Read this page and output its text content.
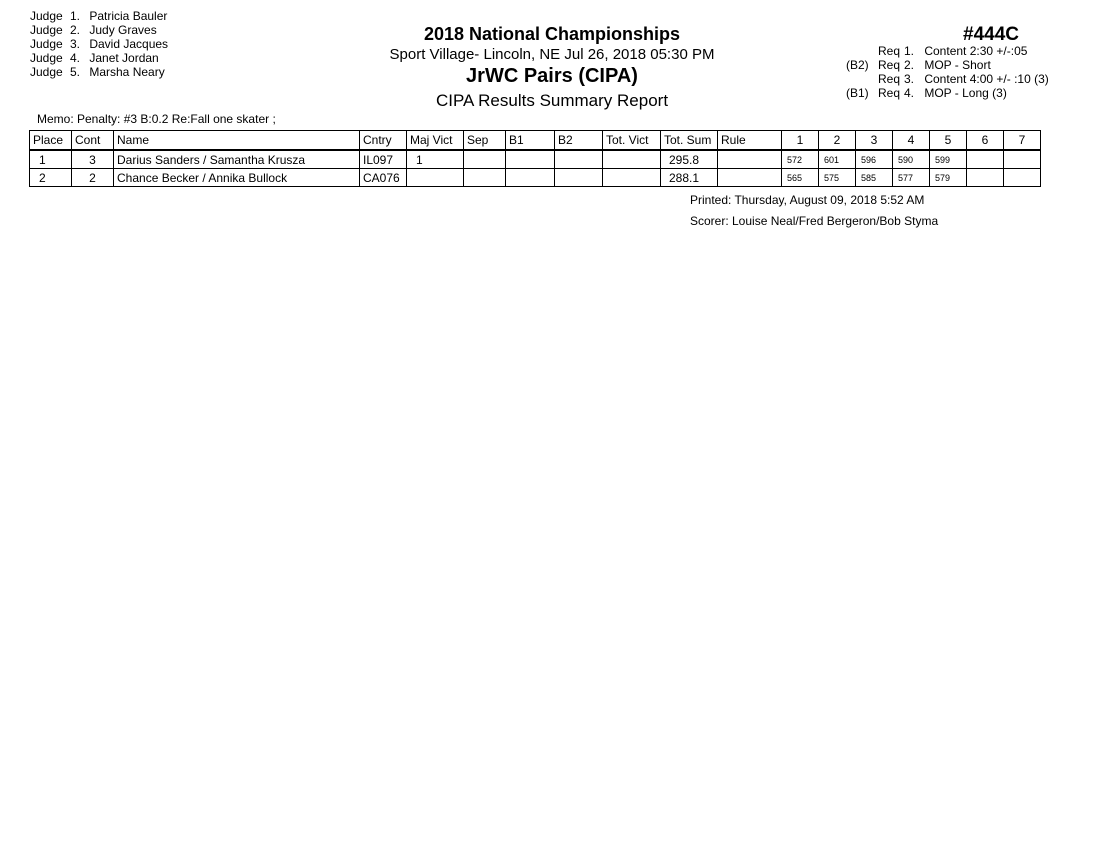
Judge 1. Patricia Bauler
Judge 2. Judy Graves
Judge 3. David Jacques
Judge 4. Janet Jordan
Judge 5. Marsha Neary
2018 National Championships
Sport Village- Lincoln, NE Jul 26, 2018 05:30 PM
JrWC Pairs (CIPA)
CIPA Results Summary Report
#444C
Req 1. Content 2:30 +/-:05
(B2) Req 2. MOP - Short
Req 3. Content 4:00 +/- :10 (3)
(B1) Req 4. MOP - Long (3)
Memo: Penalty: #3 B:0.2 Re:Fall one skater ;
Place	Cont	Name	Cntry	Maj Vict	Sep	B1	B2	Tot. Vict	Tot. Sum	Rule	1	2	3	4	5	6	7
1	3	Darius Sanders / Samantha Krusza	IL097	1					295.8		572	601	596	590	599		
2	2	Chance Becker / Annika Bullock	CA076						288.1		565	575	585	577	579		
Printed: Thursday, August 09, 2018 5:52 AM
Scorer: Louise Neal/Fred Bergeron/Bob Styma
